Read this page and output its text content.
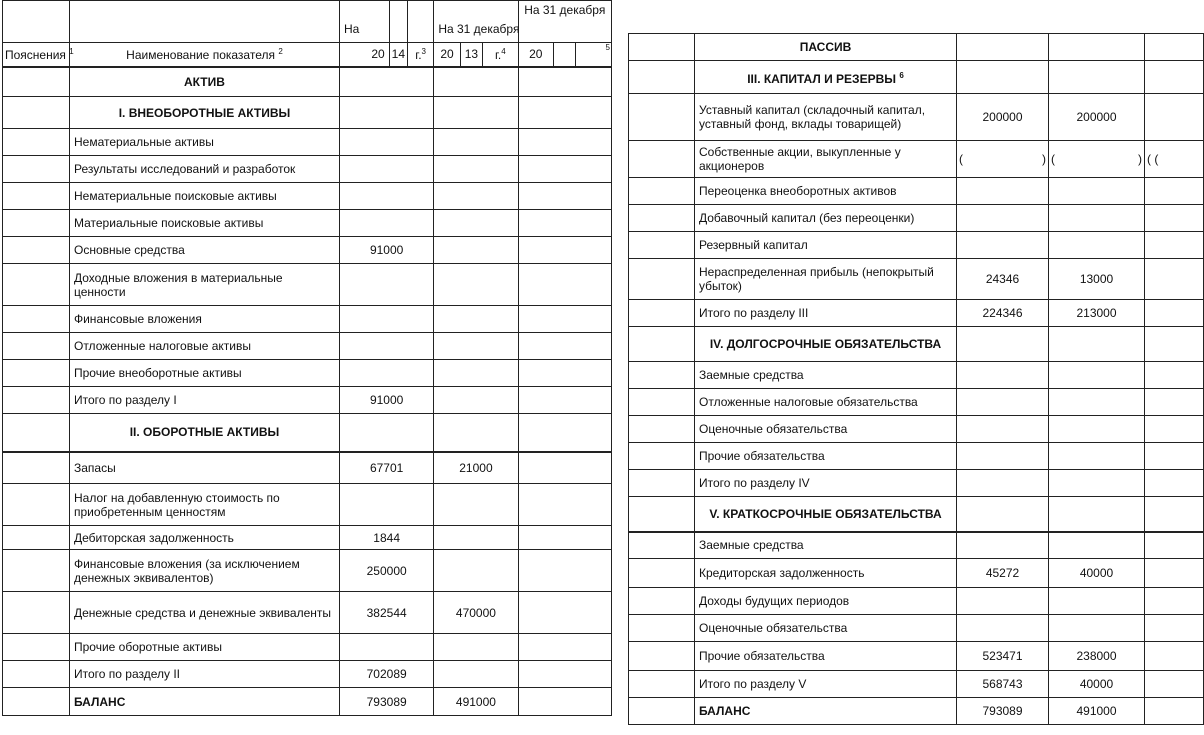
		На				На 31 декабря			На 31 декабря		
Пояснения $^1$	Наименование показателя $^2$	20		14	г.$^3$	20	13	г.$^4$	20		$^5$
	АКТИВ										
	I. ВНЕОБОРОТНЫЕ АКТИВЫ										
	Нематериальные активы										
	Результаты исследований и разработок										
	Нематериальные поисковые активы										
	Материальные поисковые активы										
	Основные средства	91000									
	Доходные вложения в материальные ценности										
	Финансовые вложения										
	Отложенные налоговые активы										
	Прочие внеоборотные активы										
	Итого по разделу I	91000									
	II. ОБОРОТНЫЕ АКТИВЫ										
	Запасы	67701				21000					
	Налог на добавленную стоимость по приобретенным ценностям										
	Дебиторская задолженность	1844									
	Финансовые вложения (за исключением денежных эквивалентов)	250000									
	Денежные средства и денежные эквиваленты	382544				470000					
	Прочие оборотные активы										
	Итого по разделу II	702089									
	БАЛАНС	793089				491000					
	ПАССИВ			
	III. КАПИТАЛ И РЕЗЕРВЫ $^6$			
	Уставный капитал (складочный капитал, уставный фонд, вклады товарищей)	200000	200000	
	Собственные акции, выкупленные у акционеров	( )	( )	( (
	Переоценка внеоборотных активов			
	Добавочный капитал (без переоценки)			
	Резервный капитал			
	Нераспределенная прибыль (непокрытый убыток)	24346	13000	
	Итого по разделу III	224346	213000	
	IV. ДОЛГОСРОЧНЫЕ ОБЯЗАТЕЛЬСТВА			
	Заемные средства			
	Отложенные налоговые обязательства			
	Оценочные обязательства			
	Прочие обязательства			
	Итого по разделу IV			
	V. КРАТКОСРОЧНЫЕ ОБЯЗАТЕЛЬСТВА			
	Заемные средства			
	Кредиторская задолженность	45272	40000	
	Доходы будущих периодов			
	Оценочные обязательства			
	Прочие обязательства	523471	238000	
	Итого по разделу V	568743	40000	
	БАЛАНС	793089	491000	
